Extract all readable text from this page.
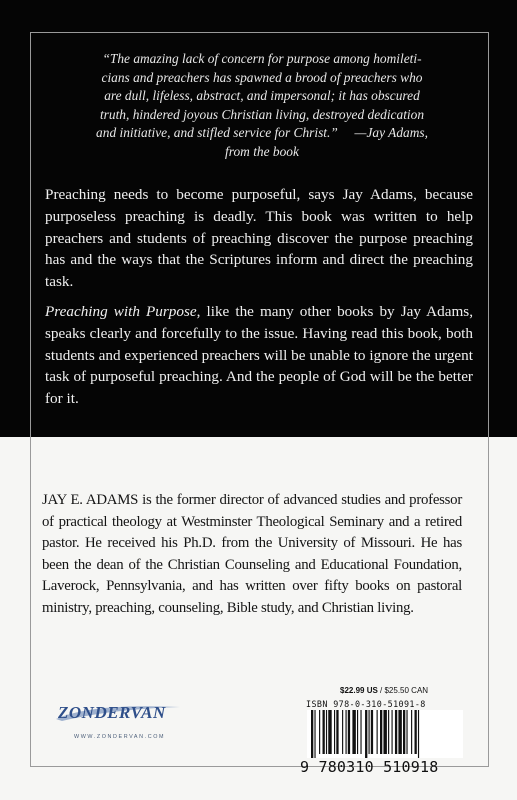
“The amazing lack of concern for purpose among homileti-
cians and preachers has spawned a brood of preachers who
are dull, lifeless, abstract, and impersonal; it has obscured
truth, hindered joyous Christian living, destroyed dedication
and initiative, and stifled service for Christ.”     —Jay Adams,
from the book

Preaching needs to become purposeful, says Jay Adams, because purposeless preaching is deadly. This book was written to help preachers and students of preaching discover the purpose preaching has and the ways that the Scriptures inform and direct the preaching task.

Preaching with Purpose, like the many other books by Jay Adams, speaks clearly and forcefully to the issue. Having read this book, both students and experienced preachers will be unable to ignore the urgent task of purposeful preaching. And the people of God will be the better for it.

JAY E. ADAMS is the former director of advanced studies and professor of practical theology at Westminster Theological Seminary and a retired pastor. He received his Ph.D. from the University of Missouri. He has been the dean of the Christian Counseling and Educational Foundation, Laverock, Pennsylvania, and has written over fifty books on pastoral ministry, preaching, counseling, Bible study, and Christian living.
ZONDERVAN
WWW.ZONDERVAN.COM
$22.99 US / $25.50 CAN
ISBN 978-0-310-51091-8
9 780310 510918
